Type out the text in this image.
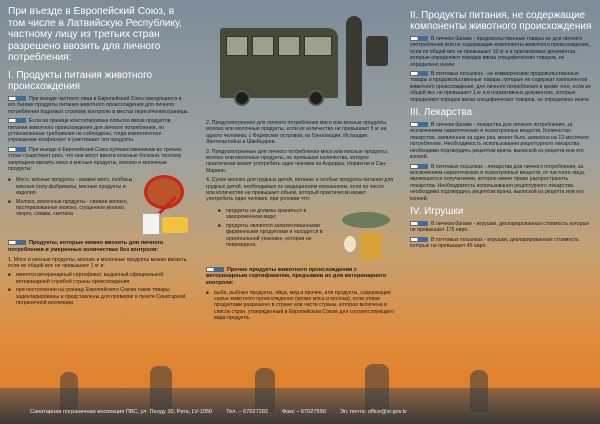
При въезде в Европейский Союз, в том числе в Латвийскую Республику, частному лицу из третьих стран разрешено ввозить для личного потребления:
I. Продукты питания животного происхождения

При въезде частного лица в Европейский Союз находящиеся в его багаже продукты питания животного происхождения для личного потребления подлежат строгому контролю в местах пересечения границы.

Если на границе констатирована попытка ввоза продуктов питания животного происхождения для личного потребления, но установленные требования не соблюдены, тогда компетентное учреждение конфискует и уничтожает эти продукты.

При въезде в Европейский Союз путешественникам из третьих стран существует риск, что они могут ввезти опасные болезни, поэтому запрещено ввозить мясо и мясные продукты, молоко и молочные продукты:

■ Мясо, мясные продукты - свежее мясо, колбасы, мясные полу-фабрикаты, мясные продукты и изделия
■ Молоко, молочные продукты - свежее молоко, пастеризованное молоко, сгущенное молоко, творог, сливки, сметана
Продукты, которые можно ввозить для личного потребления в умеренных количествах без контроля:

1. Мясо и мясные продукты, молоко и молочные продукты можно ввозить, если их общий вес не превышает 1 кг и:

■ имеется ветеринарный сертификат, выданный официальной ветеринарной службой страны происхождения
■ при поступлении на границу Европейского Союза такие товары задекларированы и представлены для проверки в пункте Санитарной пограничной инспекции

2. Предусмотренное для личного потребления мясо или мясные продукты, молоко или молочные продукты, если их количество не превышает 5 кг на одного человека, с Фарерских островов, из Гренландии, Исландии, Лихтенштейна и Швейцарии.

3. Предусмотренные для личного потребления мясо или мясные продукты, молоко или молочные продукты, не превышая количества, которое практически может употребить один человек из Андорры, Норвегии и Сан-Марино.

4. Сухое молоко для грудных детей, питание и особые продукты питания для грудных детей, необходимые по медицинским показаниям, если их число или количество не превышает объем, который практически может употребить один человек, при условии что:

■ продукты не должны храниться в замороженном виде;
■ продукты являются запатентованными фирменными продуктами и находятся в оригинальной упаковке, которая не повреждена.
Прочие продукты животного происхождения с ветеринарным сертификатом, предъявив их для ветеринарного контроля:
■ рыба, рыбные продукты, яйца, мед и прочее, или продукты, содержащие сырье животного происхождения (кроме мяса и молока), если этими продуктами разрешено в стране или части страны, которая включена в список стран, утвержденный в Европейском Союзе для соответствующего вида продукта.
II. Продукты питания, не содержащие компоненты животного происхождения

В личном багаже - продовольственные товары не для личного употребления или не содержащие компоненты животного происхождения, если их общий вес не превышает 10 кг и в прилагаемых документах, которые определяют порядок ввоза специфических товаров, не определено иначе.

В почтовых посылках - не коммерческие продовольственные товары и продовольственные товары, которые не содержат компонентов животного происхождения, для личного потребления и кроме того, если их общий вес не превышает 1 кг и в нормативных документах, которые определяют порядок ввоза специфических товаров, не определено иначе.

III. Лекарства

В личном багаже - лекарства для личного потребления, за исключением наркотических и психотропных веществ. Количество лекарства, заявленное за один раз, может быть заявлено на 12-месячное потребление. Необходимость использования рецептурного лекарства необходимо подтвердить рецептом врача, выпиской из рецепта или его копией.

В почтовых посылках - лекарства для личного потребления, за исключением наркотических и психотропных веществ, от частного лица, являющегося получателем, которое имеет право распространять лекарства. Необходимость использования рецептурного лекарства необходимо подтвердить рецептом врача, выпиской из рецепта или его копией.

IV. Игрушки

В личном багаже - игрушки, декларированная стоимость которых не превышает 175 евро.

В почтовых посылках - игрушки, декларированная стоимость которых не превышает 45 евро.

Санитарная пограничная инспекция ПВС, ул. Пелду 30, Рига, LV-1050	Тел. – 67027282	Факс – 67027590	Эл. почта: office@sr.gov.lv
